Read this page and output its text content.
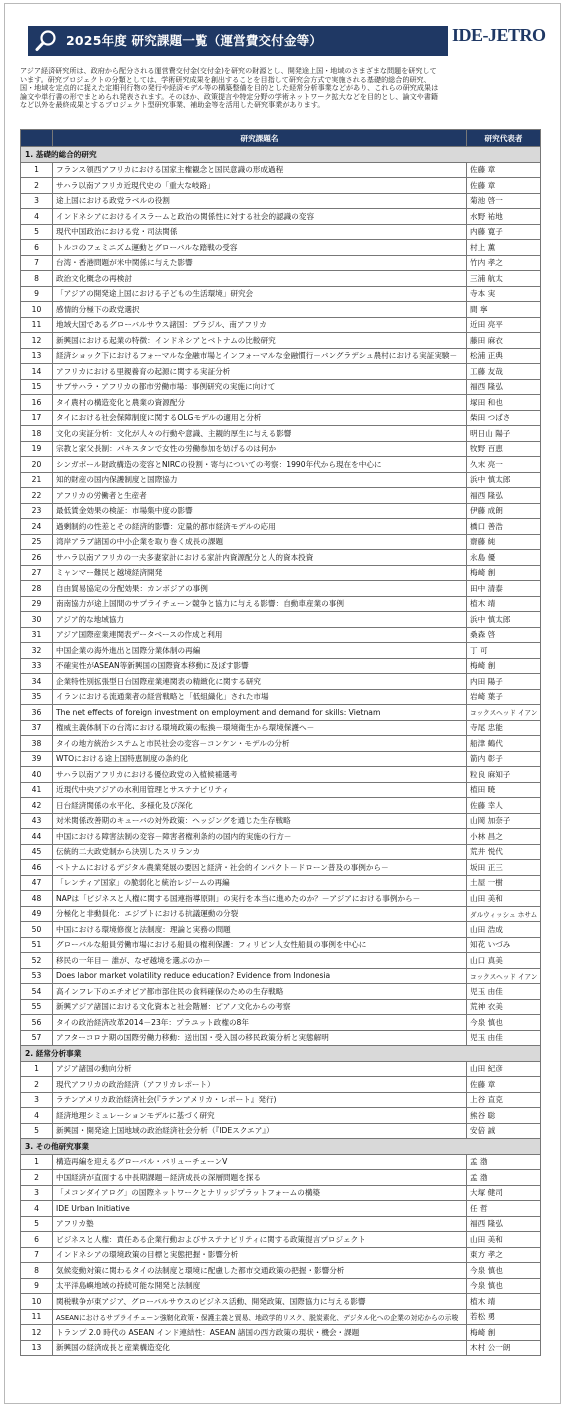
2025年度 研究課題一覧（運営費交付金等）	IDE-JETRO

アジア経済研究所は、政府から配分される運営費交付金(交付金)を研究の財源とし、開発途上国・地域のさまざまな問題を研究して

います。研究プロジェクトの分類としては、学術研究成果を創出することを目指して研究会方式で実施される基礎的総合的研究、

国・地域を定点的に捉えた定期刊行物の発行や経済モデル等の構築整備を目的とした経常分析事業などがあり、これらの研究成果は

論文や単行書の形でまとめられ発表されます。そのほか、政策提言や特定分野の学術ネットワーク拡大などを目的とし、論文や書籍

など以外を最終成果とするプロジェクト型研究事業、補助金等を活用した研究事業があります。

	研究課題名	研究代表者
1. 基礎的総合的研究		
1	フランス領西アフリカにおける国家主権観念と国民意識の形成過程	佐藤 章
2	サハラ以南アフリカ近現代史の「重大な岐路」	佐藤 章
3	途上国における政党ラベルの役割	菊池 啓一
4	インドネシアにおけるイスラームと政治の関係性に対する社会的認識の変容	水野 祐地
5	現代中国政治における党・司法関係	内藤 寛子
6	トルコのフェミニズム運動とグローバルな踏戦の受容	村上 薫
7	台湾・香港問題が米中関係に与えた影響	竹内 孝之
8	政治文化概念の再検討	三浦 航太
9	「アジアの開発途上国における子どもの生活環境」研究会	寺本 実
10	感情的分極下の政党選択	間 寧
11	地域大国であるグローバルサウス諸国：ブラジル、南アフリカ	近田 亮平
12	新興国における起業の特徴：インドネシアとベトナムの比較研究	藤田 麻衣
13	経済ショック下におけるフォーマルな金融市場とインフォーマルな金融慣行－バングラデシュ農村における実証実験－	松浦 正典
14	アフリカにおける里親養育の起源に関する実証分析	工藤 友哉
15	サブサハラ・アフリカの都市労働市場：事例研究の実施に向けて	福西 隆弘
16	タイ農村の構造変化と農業の資源配分	塚田 和也
17	タイにおける社会保障制度に関するOLGモデルの適用と分析	柴田 つばさ
18	文化の実証分析：文化が人々の行動や意識、主観的厚生に与える影響	明日山 陽子
19	宗教と家父長制：パキスタンで女性の労働参加を妨げるのは何か	牧野 百恵
20	シンガポール財政構造の変容とNIRCの役割・寄与についての考察：1990年代から現在を中心に	久末 亮一
21	知的財産の国内保護制度と国際協力	浜中 慎太郎
22	アフリカの労働者と生産者	福西 隆弘
23	最低賃金効果の検証：市場集中度の影響	伊藤 成朗
24	過剰制約の性差とその経済的影響：定量的都市経済モデルの応用	橋口 善浩
25	湾岸アラブ諸国の中小企業を取り巻く成長の課題	齋藤 純
26	サハラ以南アフリカの一夫多妻家計における家計内資源配分と人的資本投資	永島 優
27	ミャンマー難民と越境経済開発	梅崎 創
28	自由貿易協定の分配効果：カンボジアの事例	田中 清泰
29	南南協力が途上国間のサプライチェーン競争と協力に与える影響：自動車産業の事例	植木 靖
30	アジア的な地域協力	浜中 慎太郎
31	アジア国際産業連関表データベースの作成と利用	桑森 啓
32	中国企業の海外進出と国際分業体制の再編	丁 可
33	不確実性がASEAN等新興国の国際資本移動に及ぼす影響	梅崎 創
34	企業特性別拡張型日台国際産業連関表の精緻化に関する研究	内田 陽子
35	イランにおける流通業者の経営戦略と「低組織化」された市場	岩崎 葉子
36	The net effects of foreign investment on employment and demand for skills: Vietnam	コックスヘッド イアン
37	権威主義体制下の台湾における環境政策の転換－環境衛生から環境保護へ－	寺尾 忠能
38	タイの地方統治システムと市民社会の変容－コンケン・モデルの分析	船津 鶴代
39	WTOにおける途上国特恵制度の条約化	箭内 彰子
40	サハラ以南アフリカにおける優位政党の入植候補選考	粒良 麻知子
41	近現代中央アジアの水利用管理とサステナビリティ	植田 暁
42	日台経済関係の水平化、多様化及び深化	佐藤 幸人
43	対米関係改善期のキューバの対外政策：ヘッジングを通じた生存戦略	山岡 加奈子
44	中国における障害法制の変容－障害者権利条約の国内的実施の行方－	小林 昌之
45	伝統的二大政党制から決別したスリランカ	荒井 悦代
46	ベトナムにおけるデジタル農業発展の要因と経済・社会的インパクト－ドローン普及の事例から－	坂田 正三
47	「レンティア国家」の脆弱化と統治レジームの再編	土屋 一樹
48	NAPは「ビジネスと人権に関する国連指導原則」の実行を本当に進めたのか？－アジアにおける事例から－	山田 美和
49	分極化と非動員化：エジプトにおける抗議運動の分裂	ダルウィッシュ ホサム
50	中国における環境修復と法制度：理論と実務の問題	山田 浩成
51	グローバルな船員労働市場における船員の権利保護：フィリピン人女性船員の事例を中心に	知花 いづみ
52	移民の一年目－ 誰が、なぜ越境を選ぶのか－	山口 真美
53	Does labor market volatility reduce education? Evidence from Indonesia	コックスヘッド イアン
54	高インフレ下のエチオピア都市部住民の食料確保のための生存戦略	児玉 由佳
55	新興アジア諸国における文化資本と社会階層：ピアノ文化からの考察	荒神 衣美
56	タイの政治経済改革2014－23年：プラユット政権の8年	今泉 慎也
57	アフターコロナ期の国際労働力移動：送出国・受入国の移民政策分析と実態解明	児玉 由佳
2. 経常分析事業		
1	アジア諸国の動向分析	山田 紀彦
2	現代アフリカの政治経済（アフリカレポート）	佐藤 章
3	ラテンアメリカ政治経済社会(『ラテンアメリカ・レポート』発行)	上谷 直克
4	経済地理シミュレーションモデルに基づく研究	熊谷 聡
5	新興国・開発途上国地域の政治経済社会分析（『IDEスクエア』）	安倍 誠
3. その他研究事業		
1	構造再編を迎えるグローバル・バリューチェーンV	孟 渤
2	中国経済が直面する中長期課題－経済成長の深層問題を探る	孟 渤
3	「メコンダイアログ」の国際ネットワークとナリッジプラットフォームの構築	大塚 健司
4	IDE Urban Initiative	任 哲
5	アフリカ塾	福西 隆弘
6	ビジネスと人権：責任ある企業行動およびサステナビリティに関する政策提言プロジェクト	山田 美和
7	インドネシアの環境政策の目標と実態把握・影響分析	東方 孝之
8	気候変動対策に関わるタイの法制度と環境に配慮した都市交通政策の把握・影響分析	今泉 慎也
9	太平洋島嶼地域の持続可能な開発と法制度	今泉 慎也
10	関税戦争が東アジア、グローバルサウスのビジネス活動、開発政策、国際協力に与える影響	植木 靖
11	ASEANにおけるサプライチェーン強靭化政策・保護主義と貿易、地政学的リスク、脱炭素化、デジタル化への企業の対応からの示唆	若松 勇
12	トランプ 2.0 時代の ASEAN インド連結性：ASEAN 諸国の西方政策の現状・機会・課題	梅崎 創
13	新興国の経済成長と産業構造変化	木村 公一朗
